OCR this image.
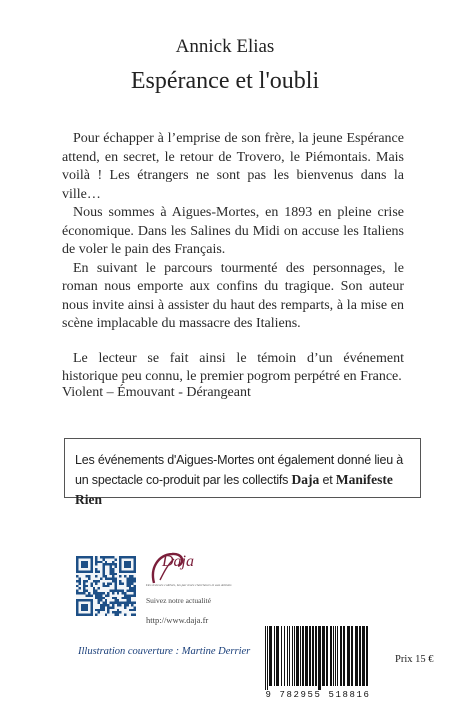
Annick Elias
Espérance et l'oubli

Pour échapper à l’emprise de son frère, la jeune Espérance attend, en secret, le retour de Trovero, le Piémontais. Mais voilà ! Les étrangers ne sont pas les bienvenus dans la ville…

Nous sommes à Aigues-Mortes, en 1893 en pleine crise économique. Dans les Salines du Midi on accuse les Italiens de voler le pain des Français.

En suivant le parcours tourmenté des personnages, le roman nous emporte aux confins du tragique. Son auteur nous invite ainsi à assister du haut des remparts, à la mise en scène implacable du massacre des Italiens.

Le lecteur se fait ainsi le témoin d’un événement historique peu connu, le premier pogrom perpétré en France.

Violent – Émouvant - Dérangeant
Les événements d'Aigues-Mortes ont également donné lieu à un spectacle co-produit par les collectifs Daja et Manifeste Rien
Daja
Des lecteurs cultivés, lus par leurs chercheurs et aux Artistes
Suivez notre actualité
http://www.daja.fr
Illustration couverture : Martine Derrier
9 782955 518816
Prix 15 €
